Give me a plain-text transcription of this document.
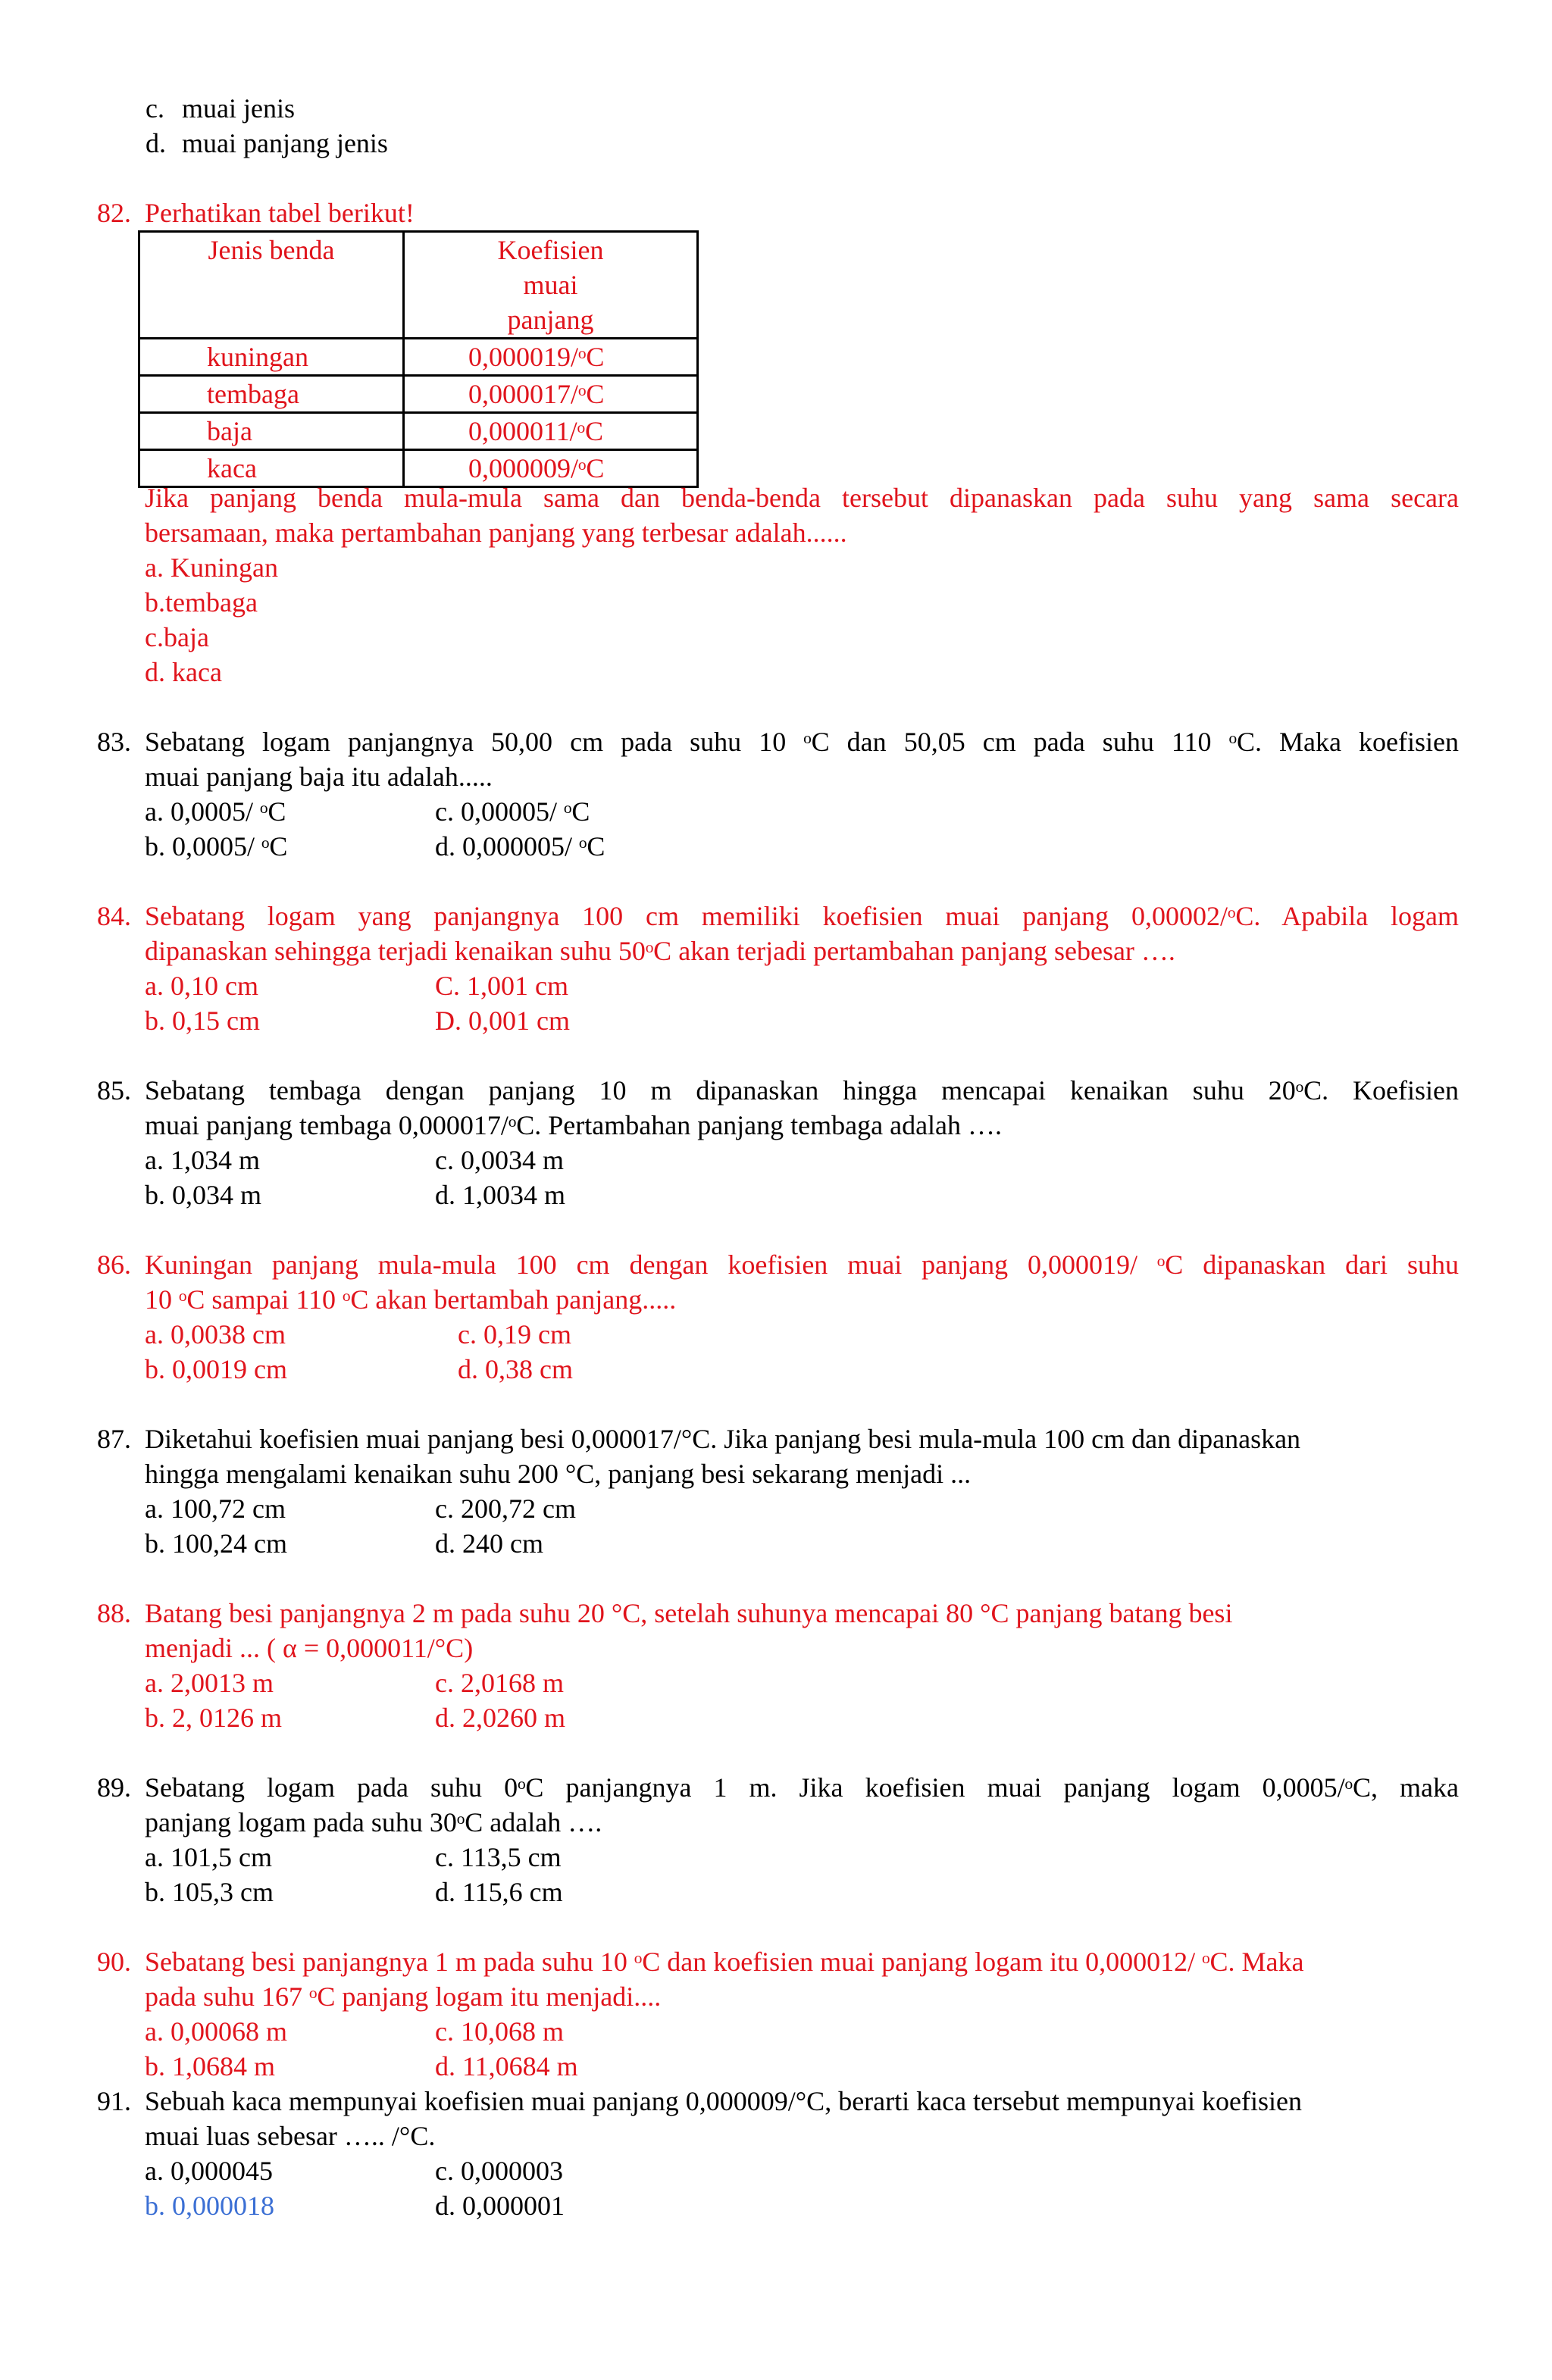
c. muai jenis
d. muai panjang jenis
82. Perhatikan tabel berikut!
Jenis benda	Koefisien muai panjang

kuningan	0,000019/ᵒC
tembaga	0,000017/ᵒC
baja	0,000011/ᵒC
kaca	0,000009/ᵒC
Jika panjang benda mula-mula sama dan benda-benda tersebut dipanaskan pada suhu yang sama secara
bersamaan, maka pertambahan panjang yang terbesar adalah......
a. Kuningan
b.tembaga
c.baja
d. kaca
83. Sebatang logam panjangnya 50,00 cm pada suhu 10 ᵒC dan 50,05 cm pada suhu 110 ᵒC. Maka koefisien
muai panjang baja itu adalah.....
a. 0,0005/ ᵒC	c. 0,00005/ ᵒC
b. 0,0005/ ᵒC	d. 0,000005/ ᵒC
84. Sebatang logam yang panjangnya 100 cm memiliki koefisien muai panjang 0,00002/ᵒC. Apabila logam
dipanaskan sehingga terjadi kenaikan suhu 50ᵒC akan terjadi pertambahan panjang sebesar ….
a. 0,10 cm	C. 1,001 cm
b. 0,15 cm	D. 0,001 cm
85. Sebatang tembaga dengan panjang 10 m dipanaskan hingga mencapai kenaikan suhu 20ᵒC. Koefisien
muai panjang tembaga 0,000017/ᵒC. Pertambahan panjang tembaga adalah ….
a. 1,034 m	c. 0,0034 m
b. 0,034 m	d. 1,0034 m
86. Kuningan panjang mula-mula 100 cm dengan koefisien muai panjang 0,000019/ ᵒC dipanaskan dari suhu
10 ᵒC sampai 110 ᵒC akan bertambah panjang.....
a. 0,0038 cm	c. 0,19 cm
b. 0,0019 cm	d. 0,38 cm
87. Diketahui koefisien muai panjang besi 0,000017/°C. Jika panjang besi mula-mula 100 cm dan dipanaskan
hingga mengalami kenaikan suhu 200 °C, panjang besi sekarang menjadi ...
a. 100,72 cm	c. 200,72 cm
b. 100,24 cm	d. 240 cm
88. Batang besi panjangnya 2 m pada suhu 20 °C, setelah suhunya mencapai 80 °C panjang batang besi
menjadi ... ( α = 0,000011/°C)
a. 2,0013 m	c. 2,0168 m
b. 2, 0126 m	d. 2,0260 m
89. Sebatang logam pada suhu 0ᵒC panjangnya 1 m. Jika koefisien muai panjang logam 0,0005/ᵒC, maka
panjang logam pada suhu 30ᵒC adalah ….
a. 101,5 cm	c. 113,5 cm
b. 105,3 cm	d. 115,6 cm
90. Sebatang besi panjangnya 1 m pada suhu 10 ᵒC dan koefisien muai panjang logam itu 0,000012/ ᵒC. Maka
pada suhu 167 ᵒC panjang logam itu menjadi....
a. 0,00068 m	c. 10,068 m
b. 1,0684 m	d. 11,0684 m
91. Sebuah kaca mempunyai koefisien muai panjang 0,000009/°C, berarti kaca tersebut mempunyai koefisien
muai luas sebesar ….. /°C.
a. 0,000045	c. 0,000003
b. 0,000018	d. 0,000001
